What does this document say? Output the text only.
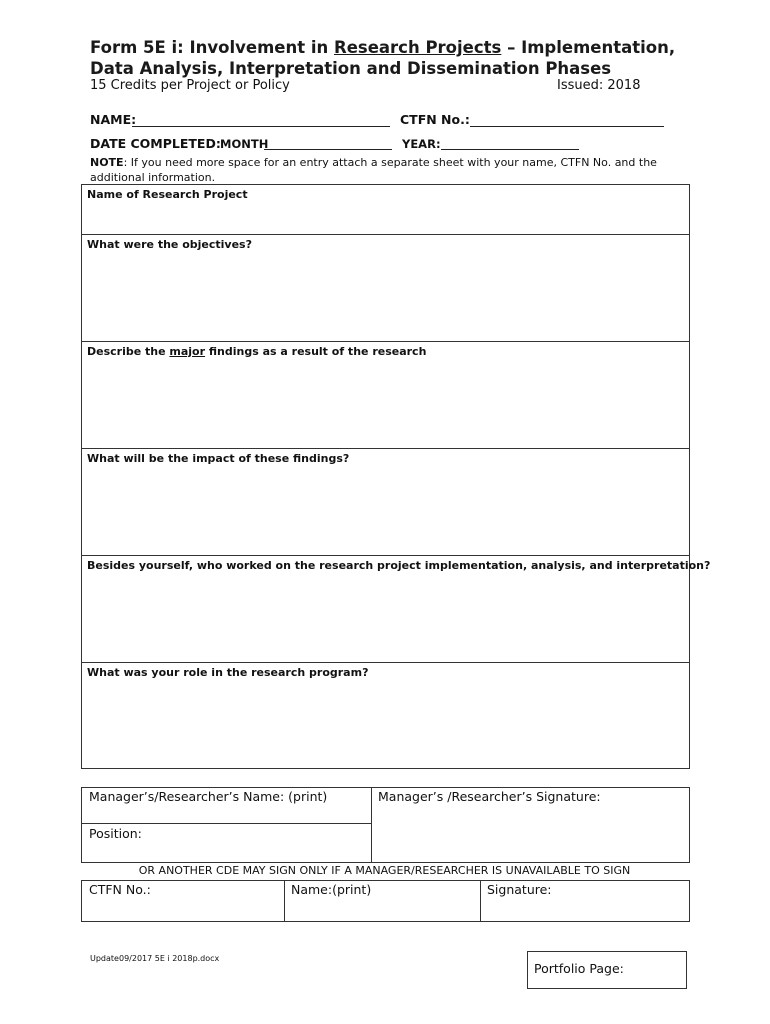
Form 5E i: Involvement in Research Projects – Implementation, Data Analysis, Interpretation and Dissemination Phases
15 Credits per Project or Policy	Issued: 2018
NAME:	CTFN No.:
DATE COMPLETED: MONTH	YEAR:
NOTE: If you need more space for an entry attach a separate sheet with your name, CTFN No. and the additional information.
Name of Research Project
What were the objectives?
Describe the major findings as a result of the research
What will be the impact of these findings?
Besides yourself, who worked on the research project implementation, analysis, and interpretation?
What was your role in the research program?
Manager’s/Researcher’s Name: (print)	Manager’s /Researcher’s Signature:
Position:
OR ANOTHER CDE MAY SIGN ONLY IF A MANAGER/RESEARCHER IS UNAVAILABLE TO SIGN
CTFN No.:	Name:(print)	Signature:
Update09/2017 5E i 2018p.docx
Portfolio Page:
